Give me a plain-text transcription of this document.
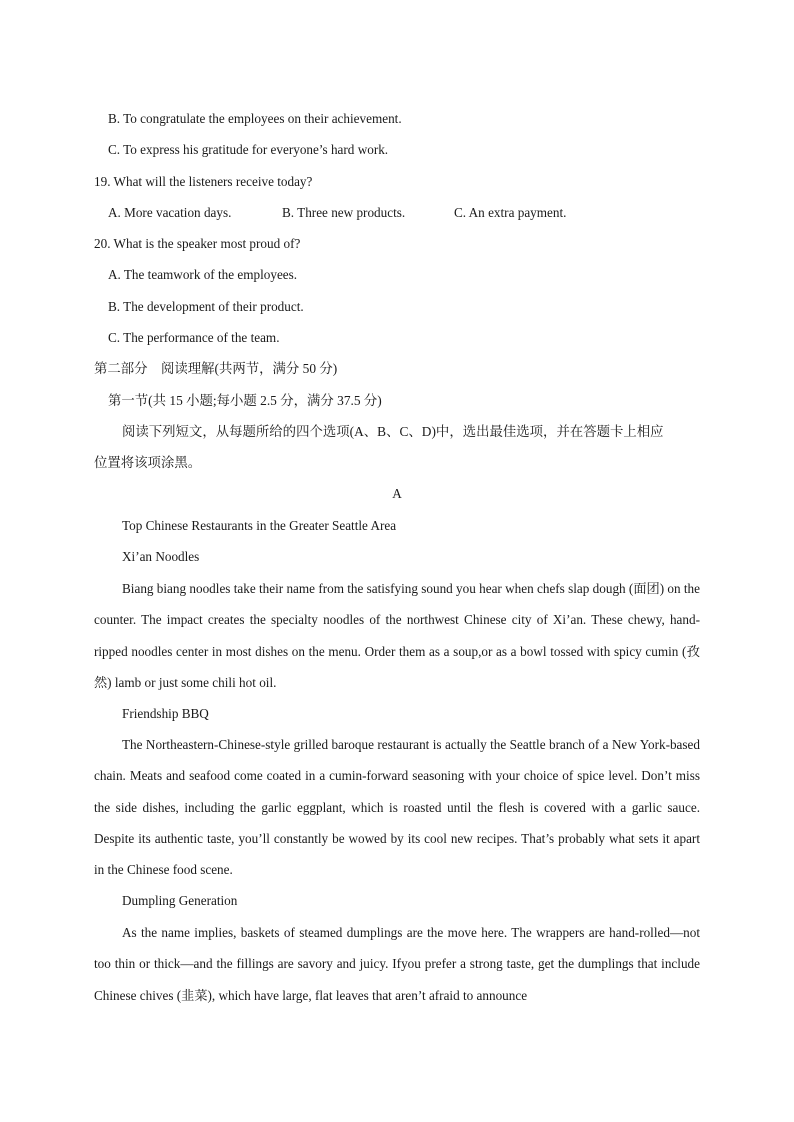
B. To congratulate the employees on their achievement.
C. To express his gratitude for everyone’s hard work.
19. What will the listeners receive today?
A. More vacation days.	B. Three new products.	C. An extra payment.
20. What is the speaker most proud of?
A. The teamwork of the employees.
B. The development of their product.
C. The performance of the team.
第二部分　阅读理解(共两节，满分 50 分)
第一节(共 15 小题;每小题 2.5 分，满分 37.5 分)
阅读下列短文，从每题所给的四个选项(A、B、C、D)中，选出最佳选项，并在答题卡上相应
位置将该项涂黑。
A
Top Chinese Restaurants in the Greater Seattle Area
Xi’an Noodles

Biang biang noodles take their name from the satisfying sound you hear when chefs slap dough (面团) on the counter. The impact creates the specialty noodles of the northwest Chinese city of Xi’an. These chewy, hand-ripped noodles center in most dishes on the menu. Order them as a soup,or as a bowl tossed with spicy cumin (孜然) lamb or just some chili hot oil.

Friendship BBQ

The Northeastern-Chinese-style grilled baroque restaurant is actually the Seattle branch of a New York-based chain. Meats and seafood come coated in a cumin-forward seasoning with your choice of spice level. Don’t miss the side dishes, including the garlic eggplant, which is roasted until the flesh is covered with a garlic sauce. Despite its authentic taste, you’ll constantly be wowed by its cool new recipes. That’s probably what sets it apart in the Chinese food scene.

Dumpling Generation

As the name implies, baskets of steamed dumplings are the move here. The wrappers are hand-rolled—not too thin or thick—and the fillings are savory and juicy. Ifyou prefer a strong taste, get the dumplings that include Chinese chives (韭菜), which have large, flat leaves that aren’t afraid to announce
